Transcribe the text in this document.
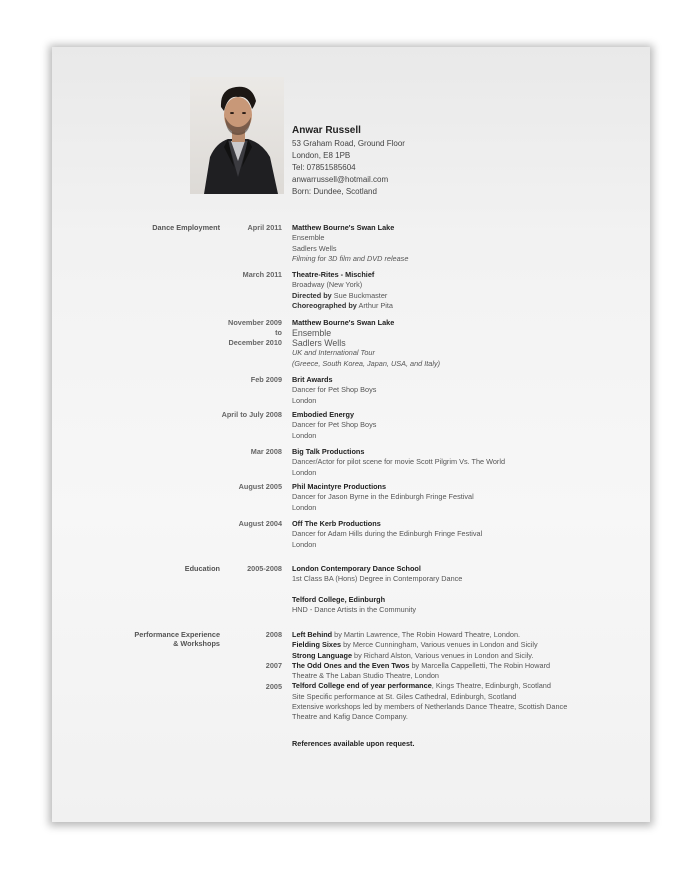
Anwar Russell
53 Graham Road, Ground Floor
London, E8 1PB
Tel: 07851585604
anwarrussell@hotmail.com
Born: Dundee, Scotland
Dance Employment
Education
Performance Experience
& Workshops
April 2011 Matthew Bourne's Swan Lake
Ensemble
Sadlers Wells
Filming for 3D film and DVD release
March 2011 Theatre-Rites - Mischief
Broadway (New York)
Directed by Sue Buckmaster
Choreographed by Arthur Pita
November 2009
to
December 2010
Matthew Bourne's Swan Lake
Ensemble
Sadlers Wells
UK and International Tour
(Greece, South Korea, Japan, USA, and Italy)
Feb 2009 Brit Awards
Dancer for Pet Shop Boys
London
April to July 2008 Embodied Energy
Dancer for Pet Shop Boys
London
Mar 2008 Big Talk Productions
Dancer/Actor for pilot scene for movie Scott Pilgrim Vs. The World
London
August 2005 Phil Macintyre Productions
Dancer for Jason Byrne in the Edinburgh Fringe Festival
London
August 2004 Off The Kerb Productions
Dancer for Adam Hills during the Edinburgh Fringe Festival
London
2005-2008 London Contemporary Dance School
1st Class BA (Hons) Degree in Contemporary Dance
Telford College, Edinburgh
HND - Dance Artists in the Community
2008
2007
2005
Left Behind by Martin Lawrence, The Robin Howard Theatre, London.
Fielding Sixes by Merce Cunningham, Various venues in London and Sicily
Strong Language by Richard Alston, Various venues in London and Sicily.
The Odd Ones and the Even Twos by Marcella Cappelletti, The Robin Howard
Theatre & The Laban Studio Theatre, London
Telford College end of year performance, Kings Theatre, Edinburgh, Scotland
Site Specific performance at St. Giles Cathedral, Edinburgh, Scotland
Extensive workshops led by members of Netherlands Dance Theatre, Scottish Dance
Theatre and Kafig Dance Company.
References available upon request.
